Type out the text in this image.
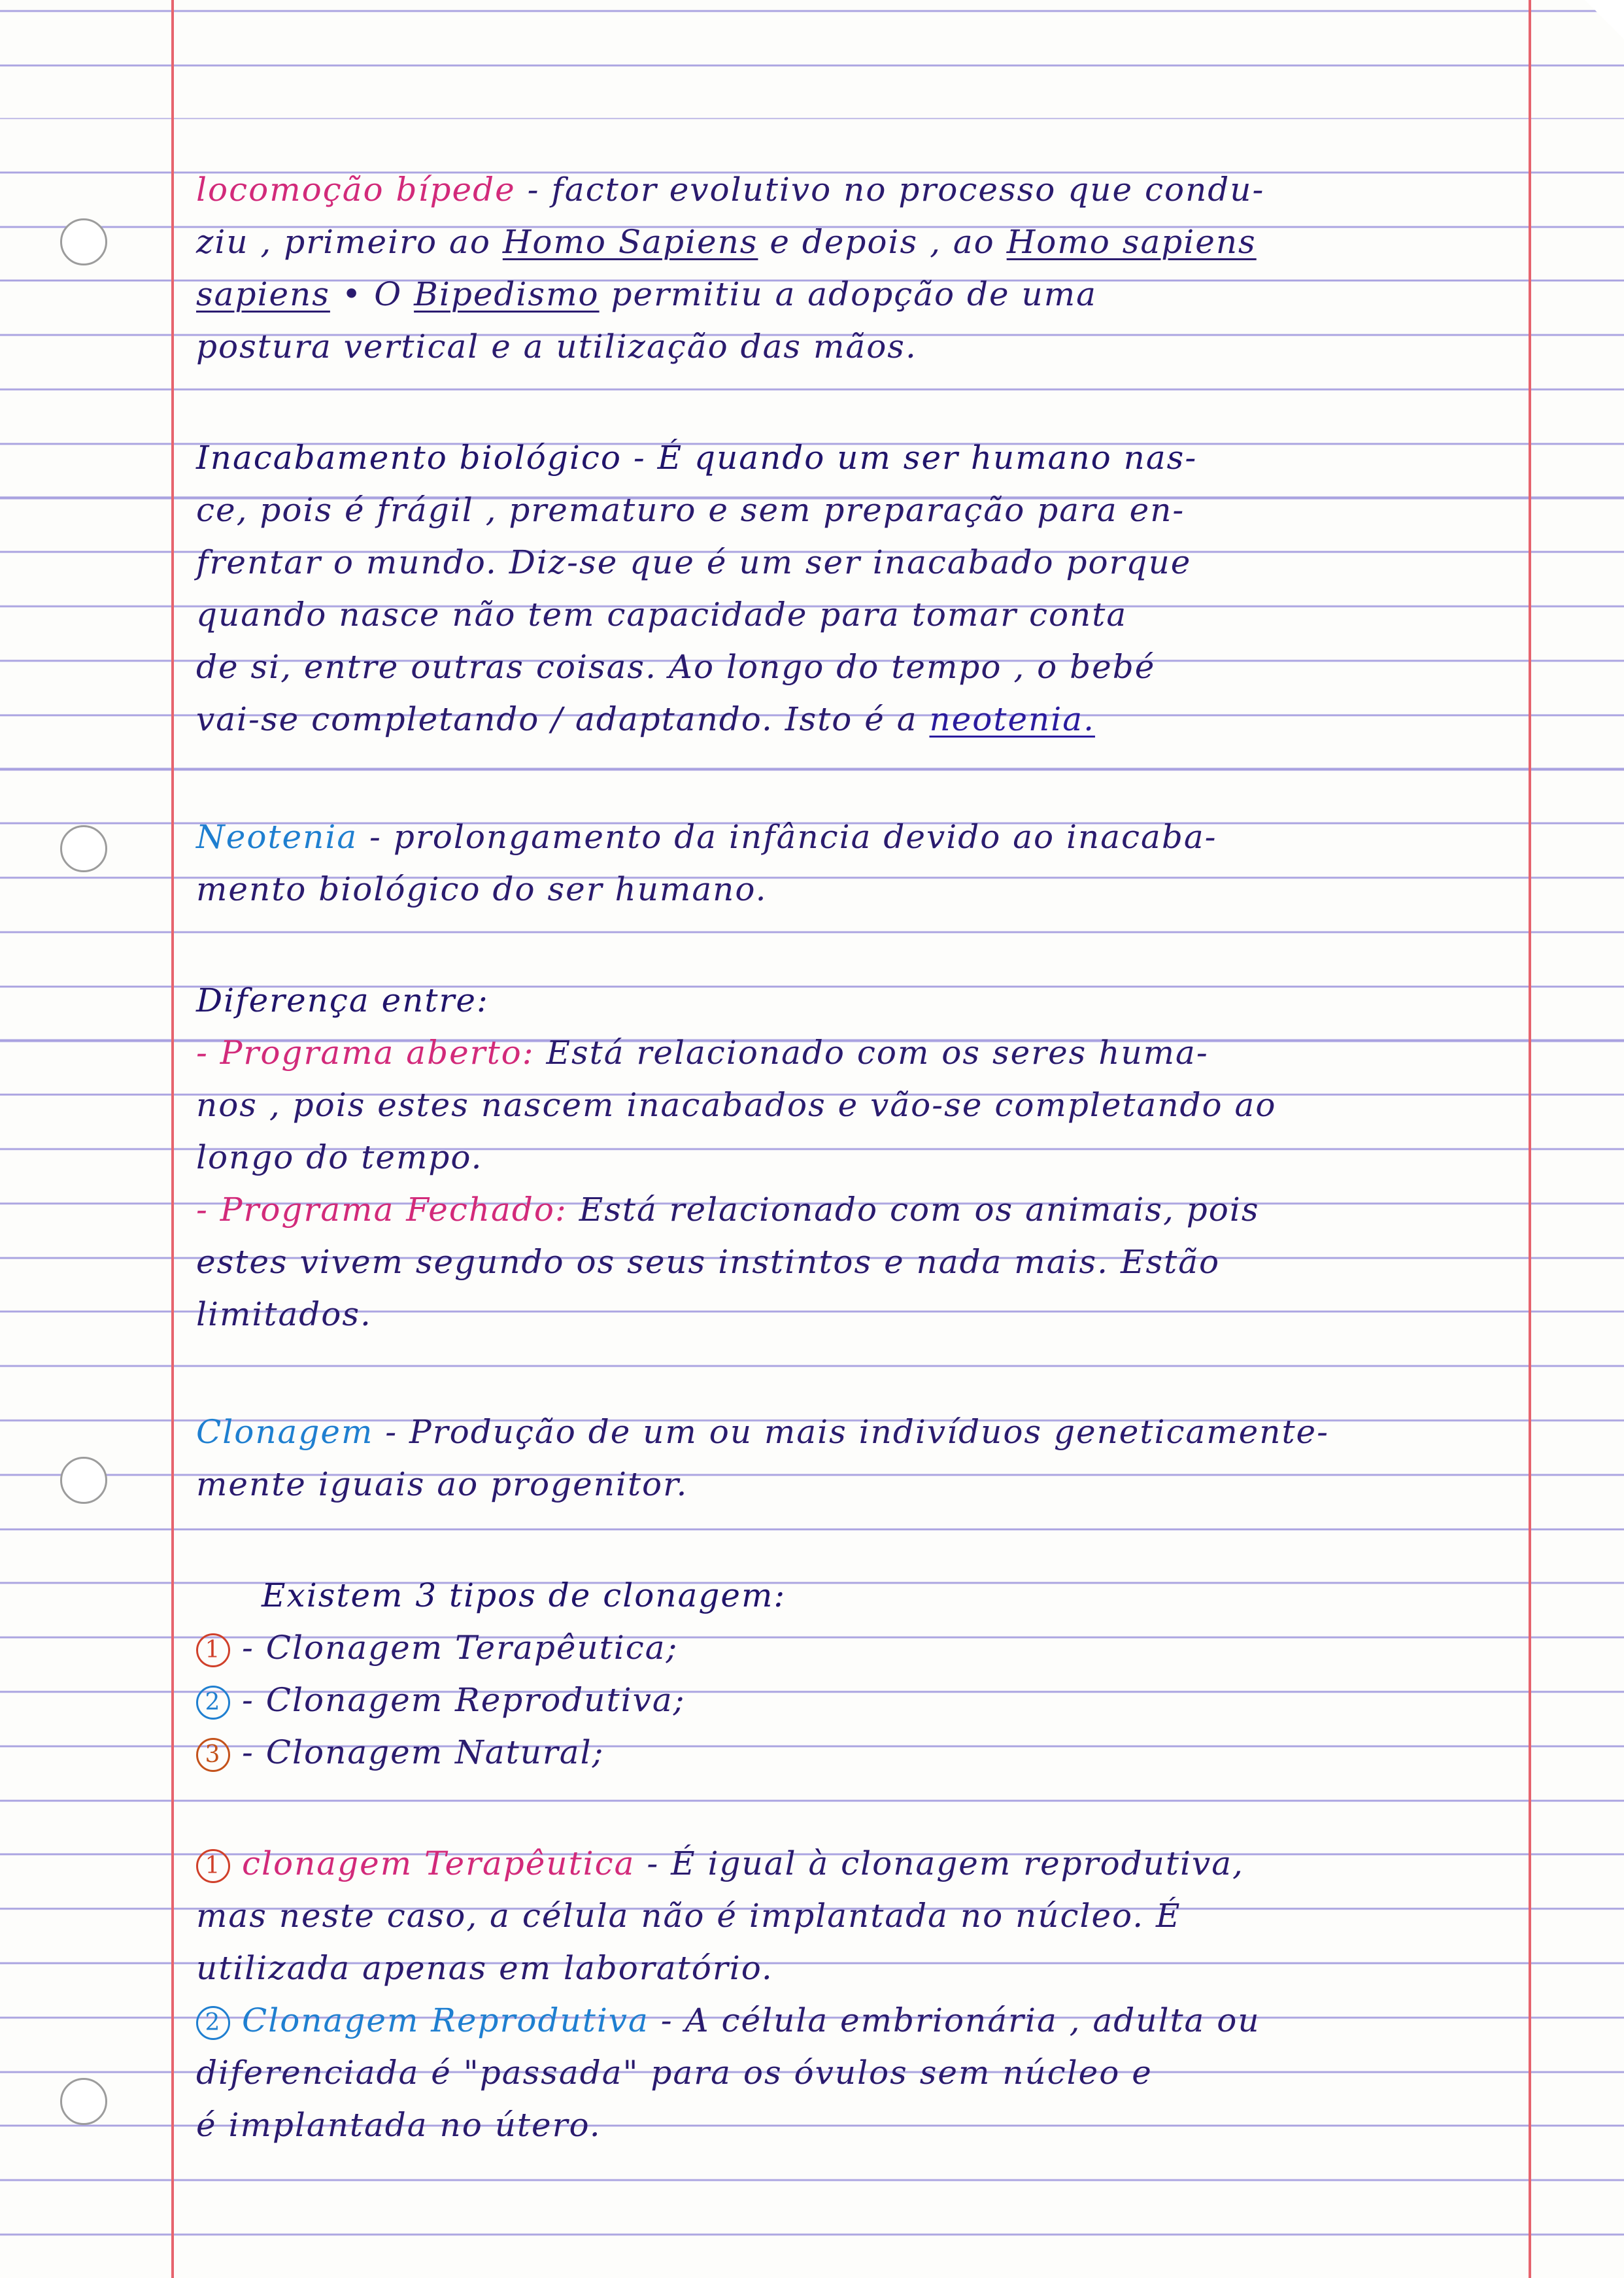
locomoção bípede - factor evolutivo no processo que condu-

ziu , primeiro ao Homo Sapiens e depois , ao Homo sapiens

sapiens • O Bipedismo permitiu a adopção de uma

postura vertical e a utilização das mãos.

Inacabamento biológico - É quando um ser humano nas-

ce, pois é frágil , prematuro e sem preparação para en-

frentar o mundo. Diz-se que é um ser inacabado porque

quando nasce não tem capacidade para tomar conta

de si, entre outras coisas. Ao longo do tempo , o bebé

vai-se completando / adaptando. Isto é a neotenia.

Neotenia - prolongamento da infância devido ao inacaba-

mento biológico do ser humano.

Diferença entre:

- Programa aberto: Está relacionado com os seres huma-

nos , pois estes nascem inacabados e vão-se completando ao

longo do tempo.

- Programa Fechado: Está relacionado com os animais, pois

estes vivem segundo os seus instintos e nada mais. Estão

limitados.

Clonagem - Produção de um ou mais indivíduos geneticamente-

mente iguais ao progenitor.

Existem 3 tipos de clonagem:

1 - Clonagem Terapêutica;

2 - Clonagem Reprodutiva;

3 - Clonagem Natural;

1 clonagem Terapêutica - É igual à clonagem reprodutiva,

mas neste caso, a célula não é implantada no núcleo. É

utilizada apenas em laboratório.

2 Clonagem Reprodutiva - A célula embrionária , adulta ou

diferenciada é "passada" para os óvulos sem núcleo e

é implantada no útero.
